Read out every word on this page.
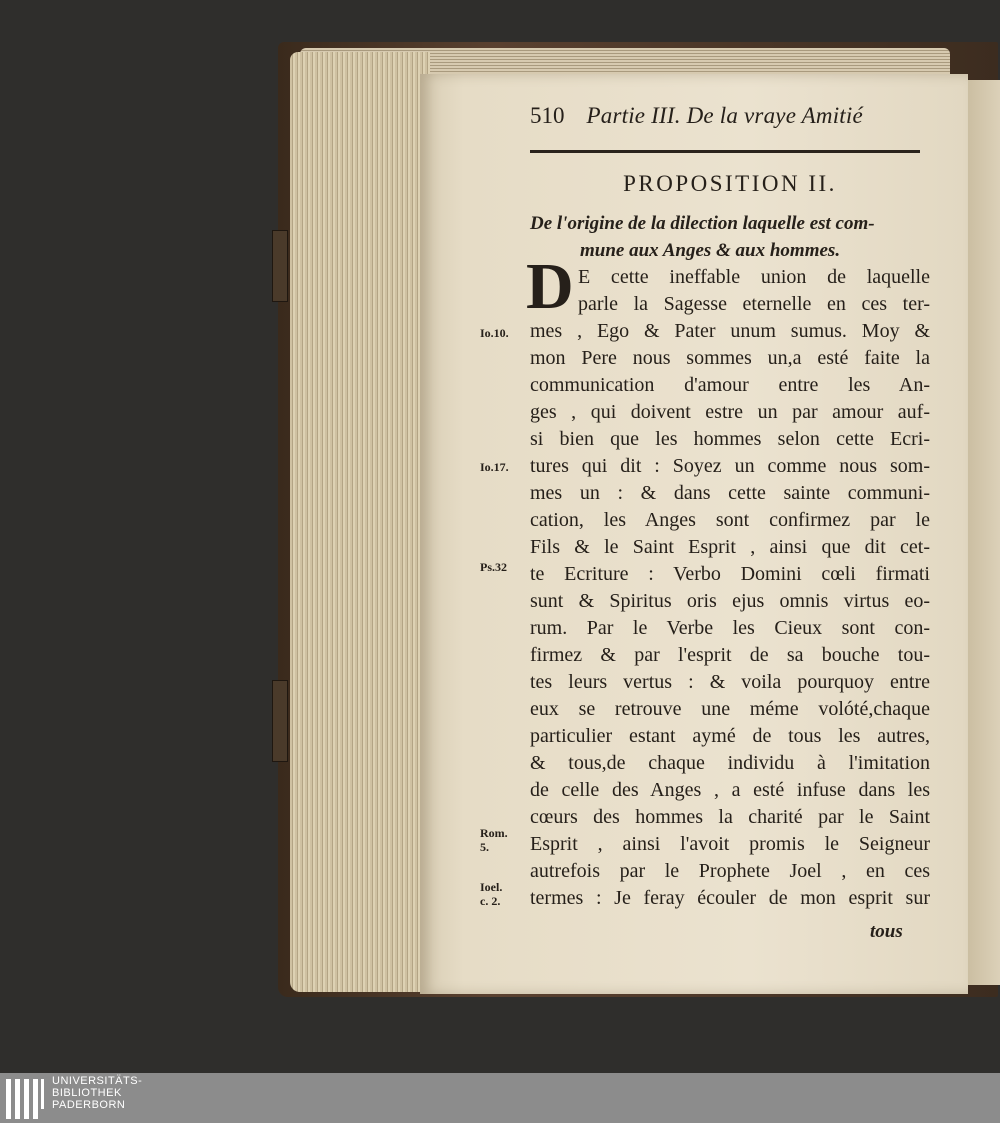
510 Partie III. De la vraye Amitié
PROPOSITION II.
De l'origine de la dilection laquelle est com-
mune aux Anges & aux hommes.
D E cette ineffable union de laquelle
parle la Sagesse eternelle en ces ter-
mes , Ego & Pater unum sumus. Moy &
mon Pere nous sommes un,a esté faite la
communication d'amour entre les An-
ges , qui doivent estre un par amour auf-
si bien que les hommes selon cette Ecri-
tures qui dit : Soyez un comme nous som-
mes un : & dans cette sainte communi-
cation, les Anges sont confirmez par le
Fils & le Saint Esprit , ainsi que dit cet-
te Ecriture : Verbo Domini cœli firmati
sunt & Spiritus oris ejus omnis virtus eo-
rum. Par le Verbe les Cieux sont con-
firmez & par l'esprit de sa bouche tou-
tes leurs vertus : & voila pourquoy entre
eux se retrouve une méme volóté,chaque
particulier estant aymé de tous les autres,
& tous,de chaque individu à l'imitation
de celle des Anges , a esté infuse dans les
cœurs des hommes la charité par le Saint
Esprit , ainsi l'avoit promis le Seigneur
autrefois par le Prophete Joel , en ces
termes : Je feray écouler de mon esprit sur
tous
Io.10.
Io.17.
Ps.32
Rom. 5.
Ioel. c. 2.
UNIVERSITÄTS-
BIBLIOTHEK
PADERBORN
